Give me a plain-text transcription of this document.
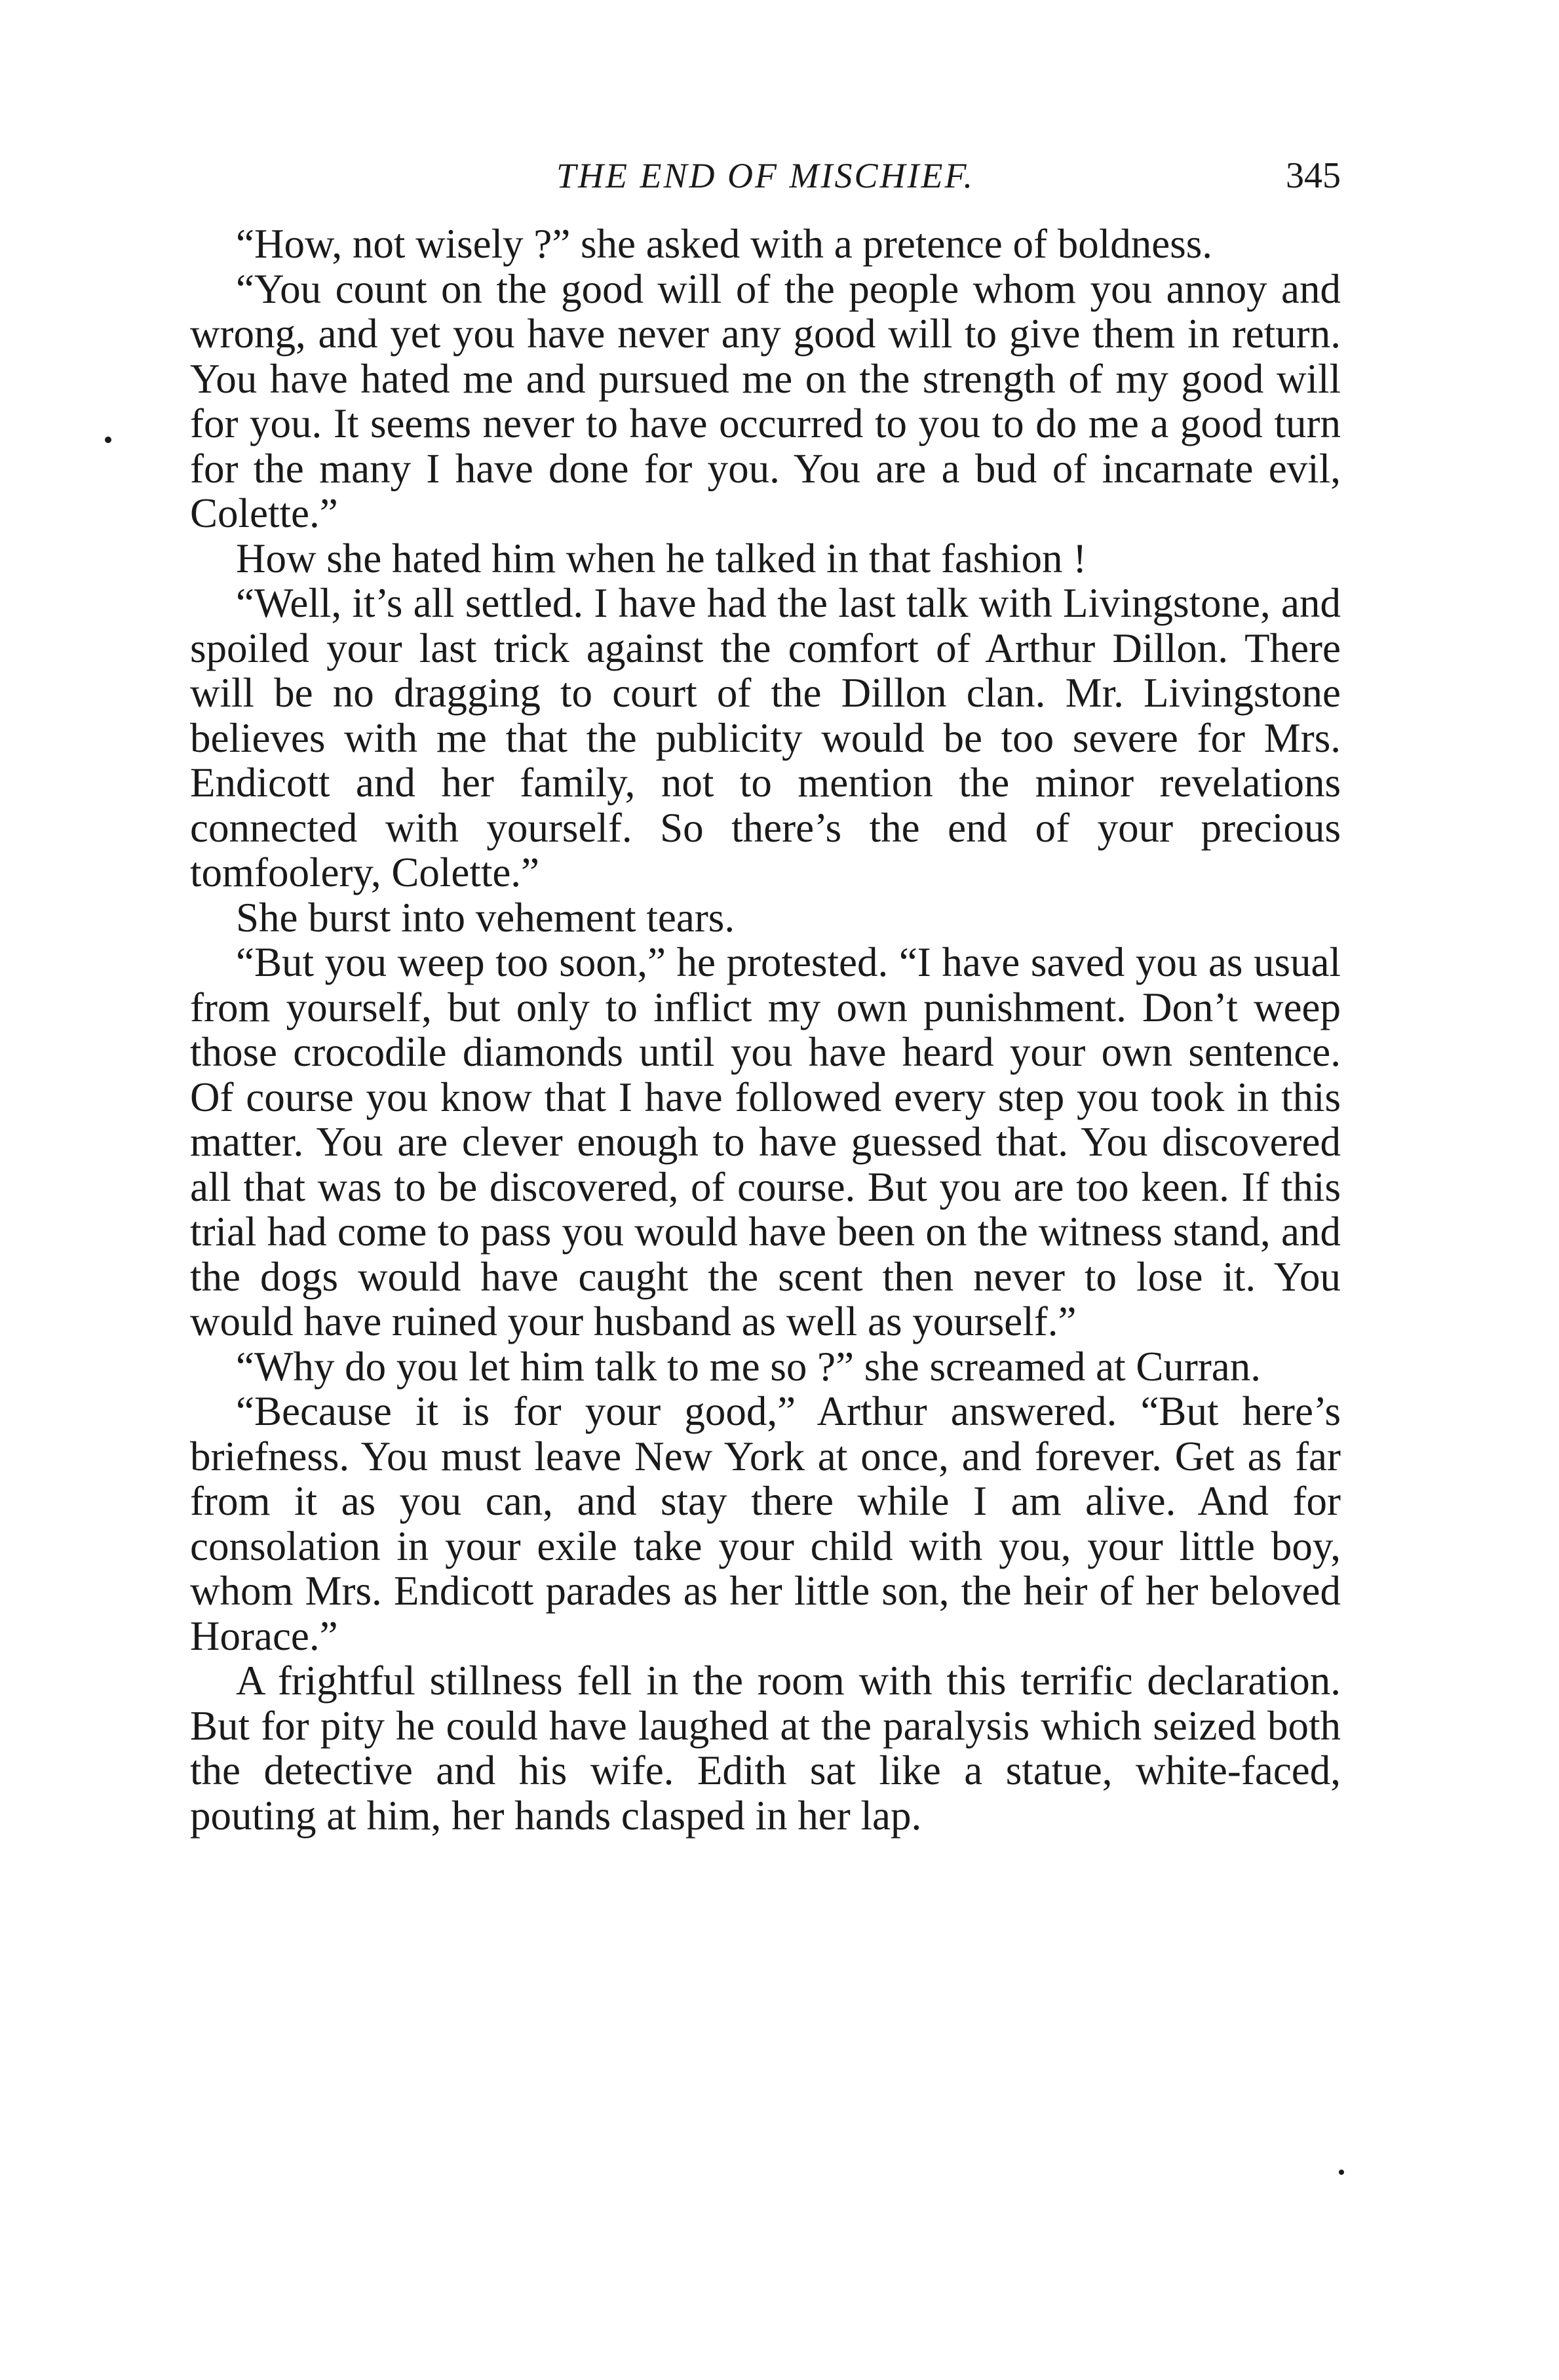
THE END OF MISCHIEF.	345

“How, not wisely ?” she asked with a pretence of boldness.

“You count on the good will of the people whom you annoy and wrong, and yet you have never any good will to give them in return. You have hated me and pursued me on the strength of my good will for you. It seems never to have occurred to you to do me a good turn for the many I have done for you. You are a bud of incarnate evil, Colette.”

How she hated him when he talked in that fashion !

“Well, it’s all settled. I have had the last talk with Livingstone, and spoiled your last trick against the comfort of Arthur Dillon. There will be no dragging to court of the Dillon clan. Mr. Livingstone believes with me that the publicity would be too severe for Mrs. Endicott and her family, not to mention the minor revelations connected with yourself. So there’s the end of your precious tomfoolery, Colette.”

She burst into vehement tears.

“But you weep too soon,” he protested. “I have saved you as usual from yourself, but only to inflict my own punishment. Don’t weep those crocodile diamonds until you have heard your own sentence. Of course you know that I have followed every step you took in this matter. You are clever enough to have guessed that. You discovered all that was to be discovered, of course. But you are too keen. If this trial had come to pass you would have been on the witness stand, and the dogs would have caught the scent then never to lose it. You would have ruined your husband as well as yourself.”

“Why do you let him talk to me so ?” she screamed at Curran.

“Because it is for your good,” Arthur answered. “But here’s briefness. You must leave New York at once, and forever. Get as far from it as you can, and stay there while I am alive. And for consolation in your exile take your child with you, your little boy, whom Mrs. Endicott parades as her little son, the heir of her beloved Horace.”

A frightful stillness fell in the room with this terrific declaration. But for pity he could have laughed at the paralysis which seized both the detective and his wife. Edith sat like a statue, white-faced, pouting at him, her hands clasped in her lap.
